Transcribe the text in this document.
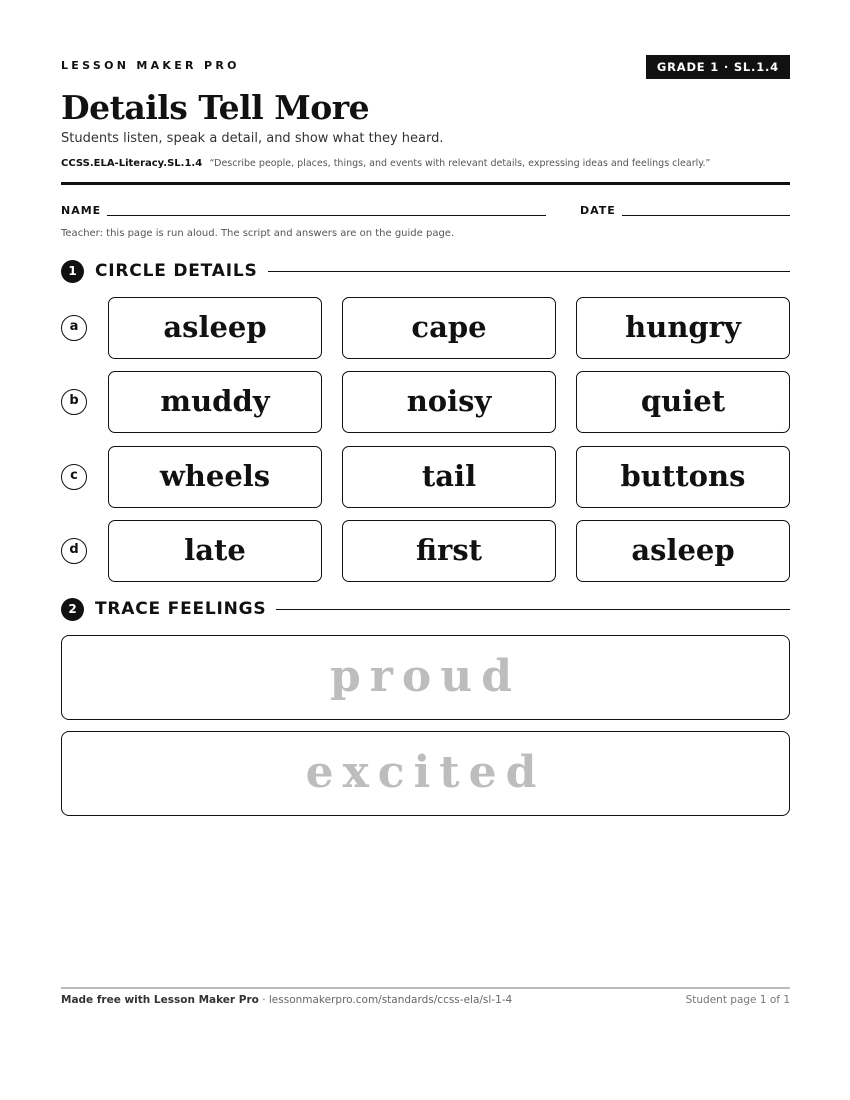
LESSON MAKER PRO	GRADE 1 · SL.1.4
Details Tell More
Students listen, speak a detail, and show what they heard.
CCSS.ELA-Literacy.SL.1.4 “Describe people, places, things, and events with relevant details, expressing ideas and feelings clearly.”
NAME	DATE
Teacher: this page is run aloud. The script and answers are on the guide page.
1	CIRCLE DETAILS
a	asleep	cape	hungry
b	muddy	noisy	quiet
c	wheels	tail	buttons
d	late	first	asleep
2	TRACE FEELINGS
proud
excited
Made free with Lesson Maker Pro · lessonmakerpro.com/standards/ccss-ela/sl-1-4	Student page 1 of 1
